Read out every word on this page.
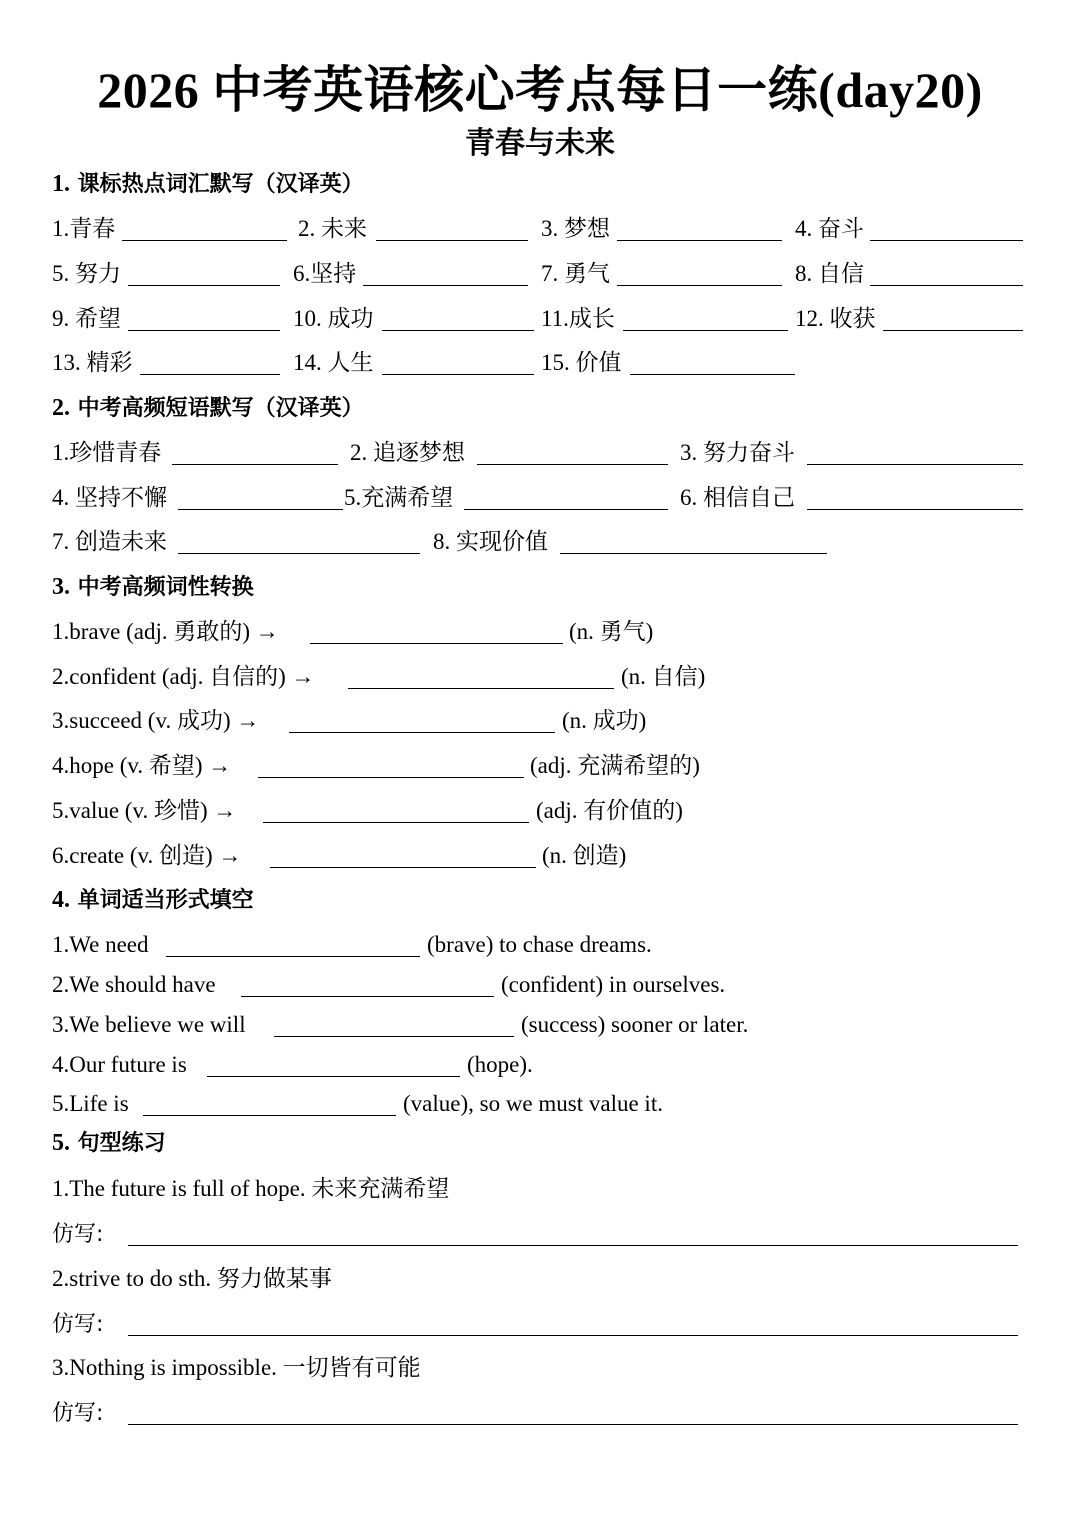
2026 中考英语核心考点每日一练(day20)
青春与未来
1. 课标热点词汇默写（汉译英）
1.青春	2. 未来	3. 梦想	4. 奋斗
5. 努力	6.坚持	7. 勇气	8. 自信
9. 希望	10. 成功	11.成长	12. 收获
13. 精彩	14. 人生	15. 价值
2. 中考高频短语默写（汉译英）
1.珍惜青春	2. 追逐梦想	3. 努力奋斗
4. 坚持不懈	5.充满希望	6. 相信自己
7. 创造未来	8. 实现价值
3. 中考高频词性转换
1.brave (adj. 勇敢的) →	(n. 勇气)
2.confident (adj. 自信的) →	(n. 自信)
3.succeed (v. 成功) →	(n. 成功)
4.hope (v. 希望) →	(adj. 充满希望的)
5.value (v. 珍惜) →	(adj. 有价值的)
6.create (v. 创造) →	(n. 创造)
4. 单词适当形式填空
1.We need	(brave) to chase dreams.
2.We should have	(confident) in ourselves.
3.We believe we will	(success) sooner or later.
4.Our future is	(hope).
5.Life is	(value), so we must value it.
5. 句型练习
1.The future is full of hope. 未来充满希望
仿写:
2.strive to do sth. 努力做某事
仿写:
3.Nothing is impossible. 一切皆有可能
仿写:
